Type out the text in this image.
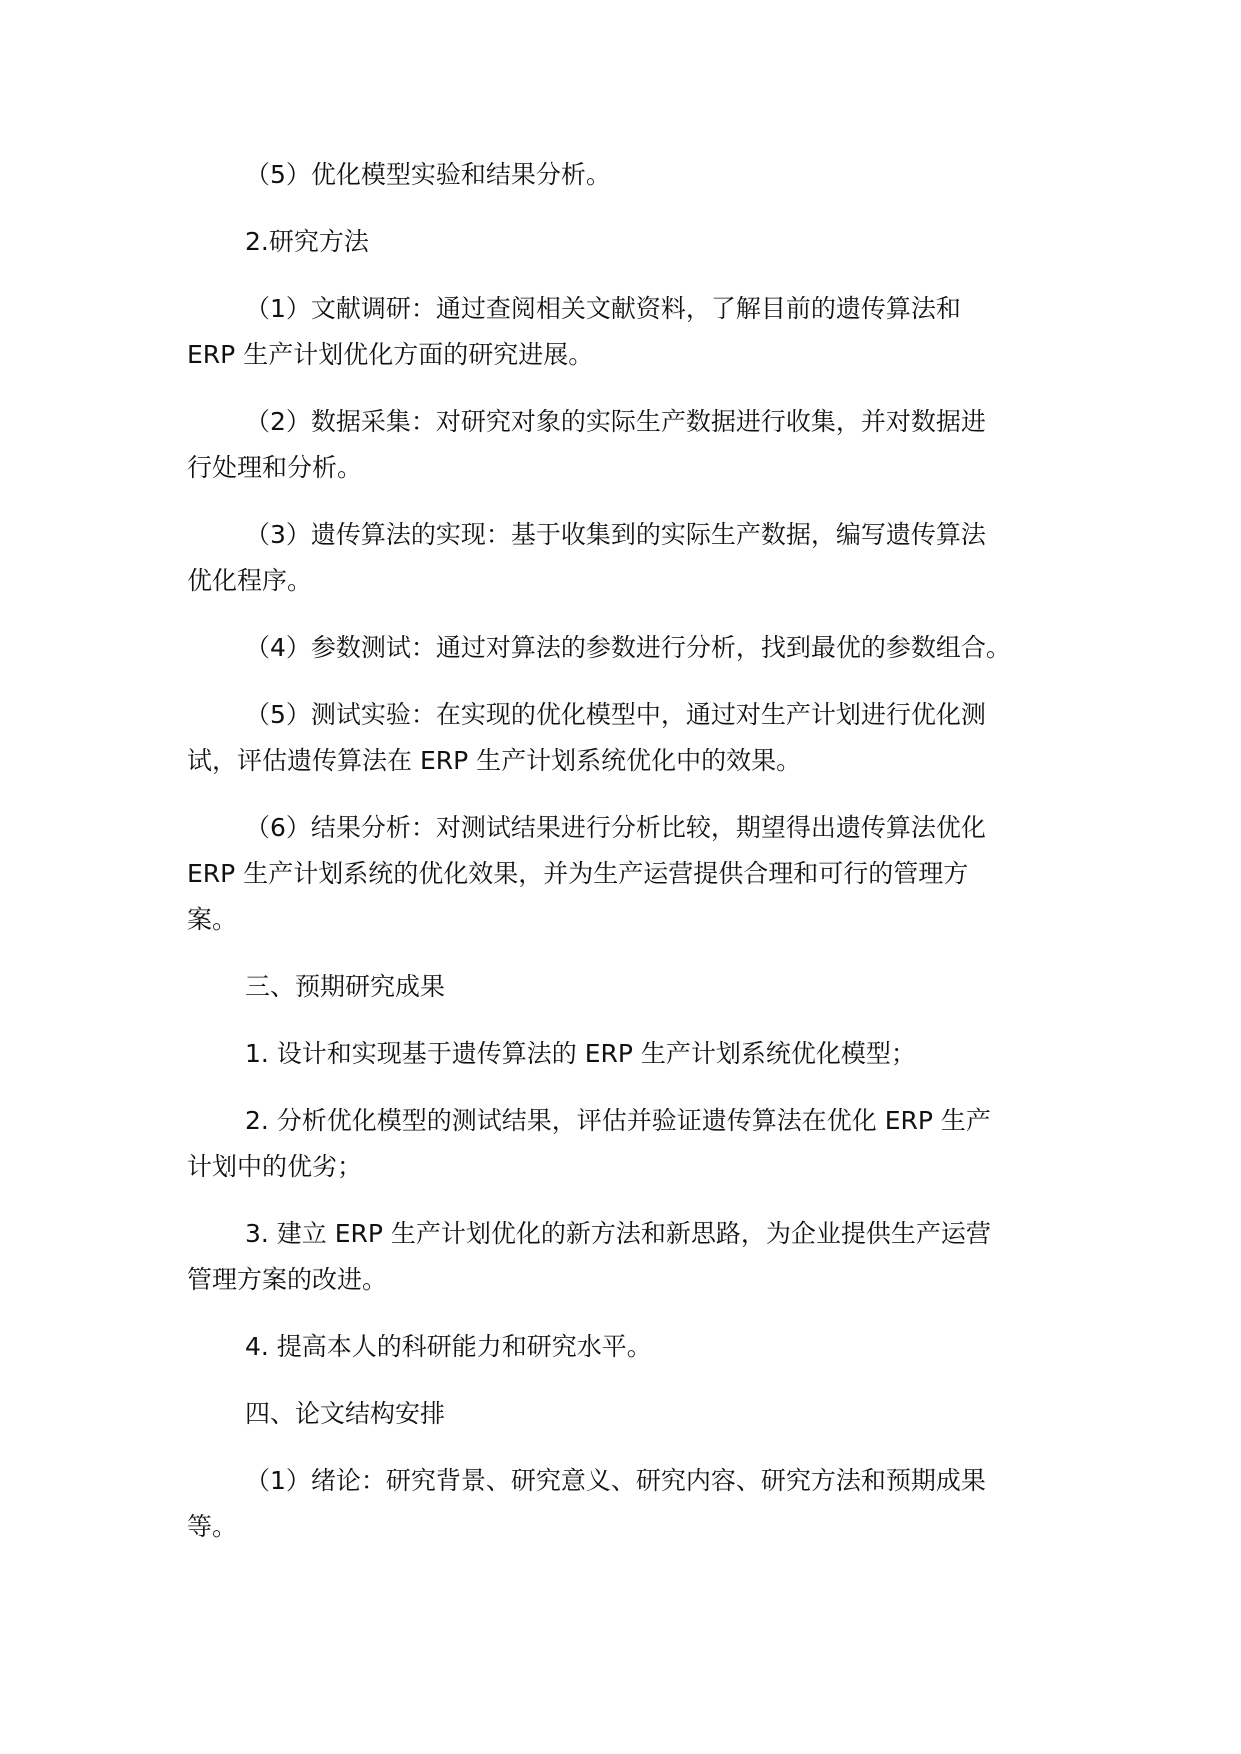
（5）优化模型实验和结果分析。

2.研究方法

（1）文献调研：通过查阅相关文献资料，了解目前的遗传算法和
ERP 生产计划优化方面的研究进展。

（2）数据采集：对研究对象的实际生产数据进行收集，并对数据进
行处理和分析。

（3）遗传算法的实现：基于收集到的实际生产数据，编写遗传算法
优化程序。

（4）参数测试：通过对算法的参数进行分析，找到最优的参数组合。

（5）测试实验：在实现的优化模型中，通过对生产计划进行优化测
试，评估遗传算法在 ERP 生产计划系统优化中的效果。

（6）结果分析：对测试结果进行分析比较，期望得出遗传算法优化
ERP 生产计划系统的优化效果，并为生产运营提供合理和可行的管理方
案。

三、预期研究成果

1. 设计和实现基于遗传算法的 ERP 生产计划系统优化模型；

2. 分析优化模型的测试结果，评估并验证遗传算法在优化 ERP 生产
计划中的优劣；

3. 建立 ERP 生产计划优化的新方法和新思路，为企业提供生产运营
管理方案的改进。

4. 提高本人的科研能力和研究水平。

四、论文结构安排

（1）绪论：研究背景、研究意义、研究内容、研究方法和预期成果
等。
